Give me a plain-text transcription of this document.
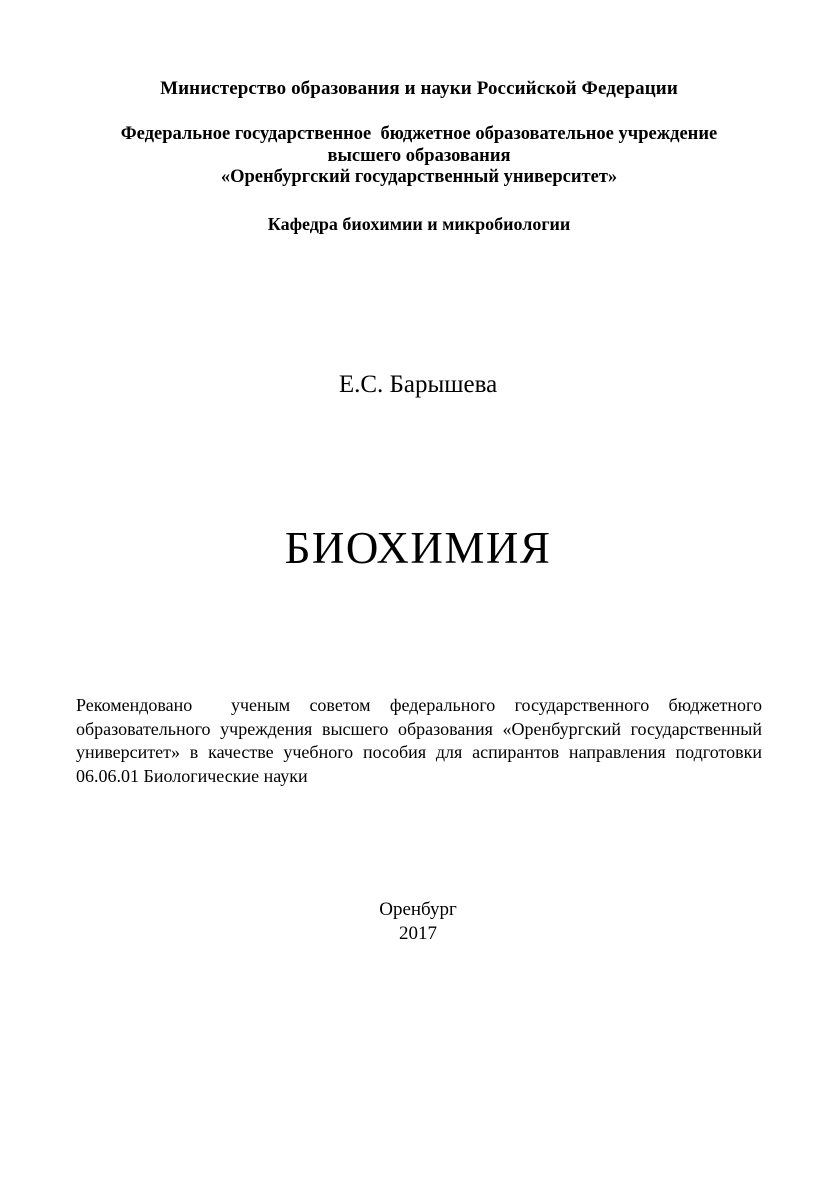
Министерство образования и науки Российской Федерации
Федеральное государственное  бюджетное образовательное учреждение
высшего образования
«Оренбургский государственный университет»
Кафедра биохимии и микробиологии
Е.С. Барышева
БИОХИМИЯ
Рекомендовано  ученым советом федерального государственного бюджетного образовательного учреждения высшего образования «Оренбургский государственный университет» в качестве учебного пособия для аспирантов направления подготовки 06.06.01 Биологические науки
Оренбург
2017
